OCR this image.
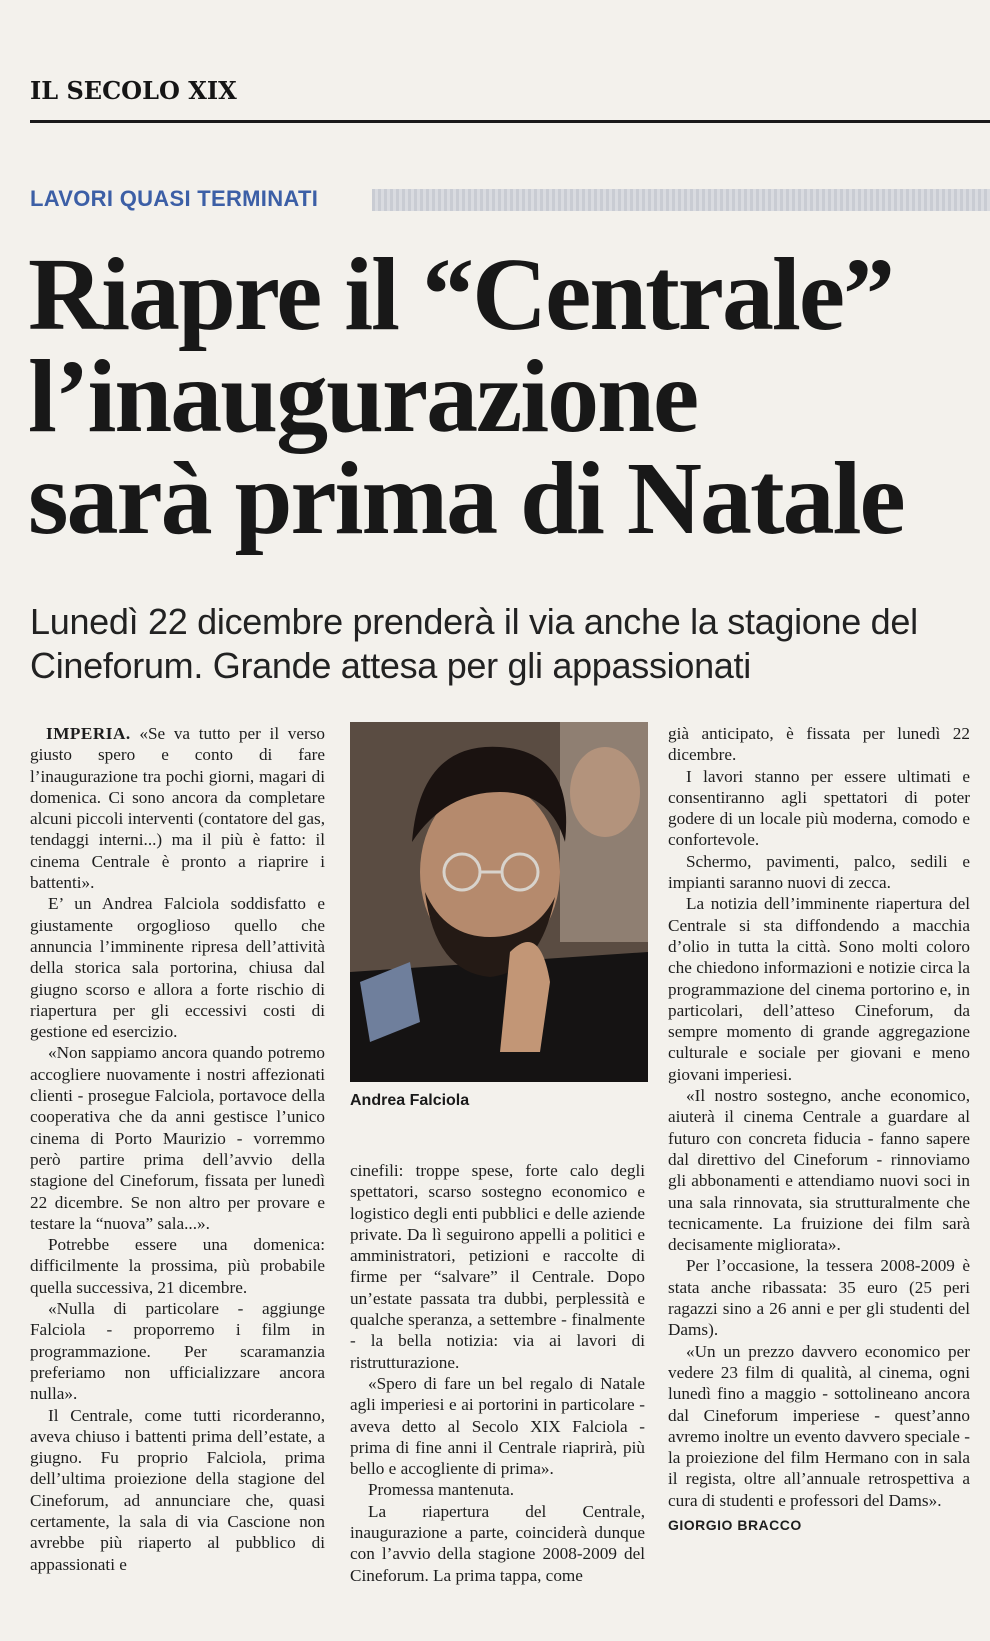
IL SECOLO XIX
LAVORI QUASI TERMINATI
Riapre il “Centrale”
l’inaugurazione
sarà prima di Natale
Lunedì 22 dicembre prenderà il via anche la stagione del Cineforum. Grande attesa per gli appassionati

IMPERIA. «Se va tutto per il verso giusto spero e conto di fare l’inaugurazione tra pochi giorni, magari di domenica. Ci sono ancora da completare alcuni piccoli interventi (contatore del gas, tendaggi interni...) ma il più è fatto: il cinema Centrale è pronto a riaprire i battenti».

E’ un Andrea Falciola soddisfatto e giustamente orgoglioso quello che annuncia l’imminente ripresa dell’attività della storica sala portorina, chiusa dal giugno scorso e allora a forte rischio di riapertura per gli eccessivi costi di gestione ed esercizio.

«Non sappiamo ancora quando potremo accogliere nuovamente i nostri affezionati clienti - prosegue Falciola, portavoce della cooperativa che da anni gestisce l’unico cinema di Porto Maurizio - vorremmo però partire prima dell’avvio della stagione del Cineforum, fissata per lunedì 22 dicembre. Se non altro per provare e testare la “nuova” sala...».

Potrebbe essere una domenica: difficilmente la prossima, più probabile quella successiva, 21 dicembre.

«Nulla di particolare - aggiunge Falciola - proporremo i film in programmazione. Per scaramanzia preferiamo non ufficializzare ancora nulla».

Il Centrale, come tutti ricorderanno, aveva chiuso i battenti prima dell’estate, a giugno. Fu proprio Falciola, prima dell’ultima proiezione della stagione del Cineforum, ad annunciare che, quasi certamente, la sala di via Cascione non avrebbe più riaperto al pubblico di appassionati e

Andrea Falciola

cinefili: troppe spese, forte calo degli spettatori, scarso sostegno economico e logistico degli enti pubblici e delle aziende private. Da lì seguirono appelli a politici e amministratori, petizioni e raccolte di firme per “salvare” il Centrale. Dopo un’estate passata tra dubbi, perplessità e qualche speranza, a settembre - finalmente - la bella notizia: via ai lavori di ristrutturazione.

«Spero di fare un bel regalo di Natale agli imperiesi e ai portorini in particolare - aveva detto al Secolo XIX Falciola - prima di fine anni il Centrale riaprirà, più bello e accogliente di prima».

Promessa mantenuta.

La riapertura del Centrale, inaugurazione a parte, coinciderà dunque con l’avvio della stagione 2008-2009 del Cineforum. La prima tappa, come

già anticipato, è fissata per lunedì 22 dicembre.

I lavori stanno per essere ultimati e consentiranno agli spettatori di poter godere di un locale più moderna, comodo e confortevole.

Schermo, pavimenti, palco, sedili e impianti saranno nuovi di zecca.

La notizia dell’imminente riapertura del Centrale si sta diffondendo a macchia d’olio in tutta la città. Sono molti coloro che chiedono informazioni e notizie circa la programmazione del cinema portorino e, in particolari, dell’atteso Cineforum, da sempre momento di grande aggregazione culturale e sociale per giovani e meno giovani imperiesi.

«Il nostro sostegno, anche economico, aiuterà il cinema Centrale a guardare al futuro con concreta fiducia - fanno sapere dal direttivo del Cineforum - rinnoviamo gli abbonamenti e attendiamo nuovi soci in una sala rinnovata, sia strutturalmente che tecnicamente. La fruizione dei film sarà decisamente migliorata».

Per l’occasione, la tessera 2008-2009 è stata anche ribassata: 35 euro (25 peri ragazzi sino a 26 anni e per gli studenti del Dams).

«Un un prezzo davvero economico per vedere 23 film di qualità, al cinema, ogni lunedì fino a maggio - sottolineano ancora dal Cineforum imperiese - quest’anno avremo inoltre un evento davvero speciale - la proiezione del film Hermano con in sala il regista, oltre all’annuale retrospettiva a cura di studenti e professori del Dams».

GIORGIO BRACCO
